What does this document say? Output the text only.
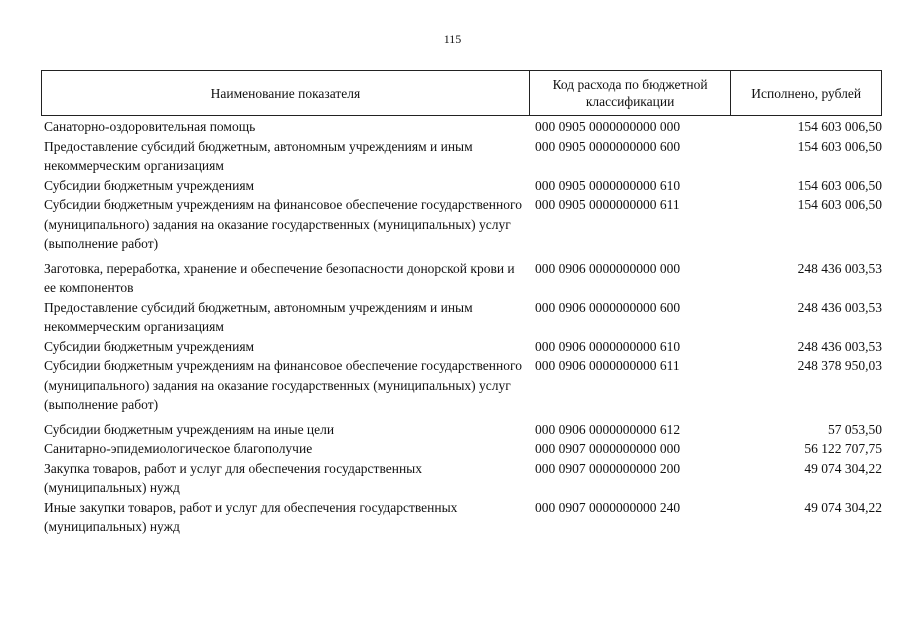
115
Наименование показателя
Код расхода по бюджетной классификации
Исполнено, рублей
Санаторно-оздоровительная помощь	000 0905 0000000000 000	154 603 006,50
Предоставление субсидий бюджетным, автономным учреждениям и иным некоммерческим организациям
000 0905 0000000000 600	154 603 006,50
Субсидии бюджетным учреждениям	000 0905 0000000000 610	154 603 006,50
Субсидии бюджетным учреждениям на финансовое обеспечение государственного (муниципального) задания на оказание государственных (муниципальных) услуг (выполнение работ)
000 0905 0000000000 611	154 603 006,50
Заготовка, переработка, хранение и обеспечение безопасности донорской крови и ее компонентов
000 0906 0000000000 000	248 436 003,53
Предоставление субсидий бюджетным, автономным учреждениям и иным некоммерческим организациям
000 0906 0000000000 600	248 436 003,53
Субсидии бюджетным учреждениям	000 0906 0000000000 610	248 436 003,53
Субсидии бюджетным учреждениям на финансовое обеспечение государственного (муниципального) задания на оказание государственных (муниципальных) услуг (выполнение работ)
000 0906 0000000000 611	248 378 950,03
Субсидии бюджетным учреждениям на иные цели	000 0906 0000000000 612	57 053,50
Санитарно-эпидемиологическое благополучие	000 0907 0000000000 000	56 122 707,75
Закупка товаров, работ и услуг для обеспечения государственных (муниципальных) нужд
000 0907 0000000000 200	49 074 304,22
Иные закупки товаров, работ и услуг для обеспечения государственных (муниципальных) нужд
000 0907 0000000000 240	49 074 304,22
